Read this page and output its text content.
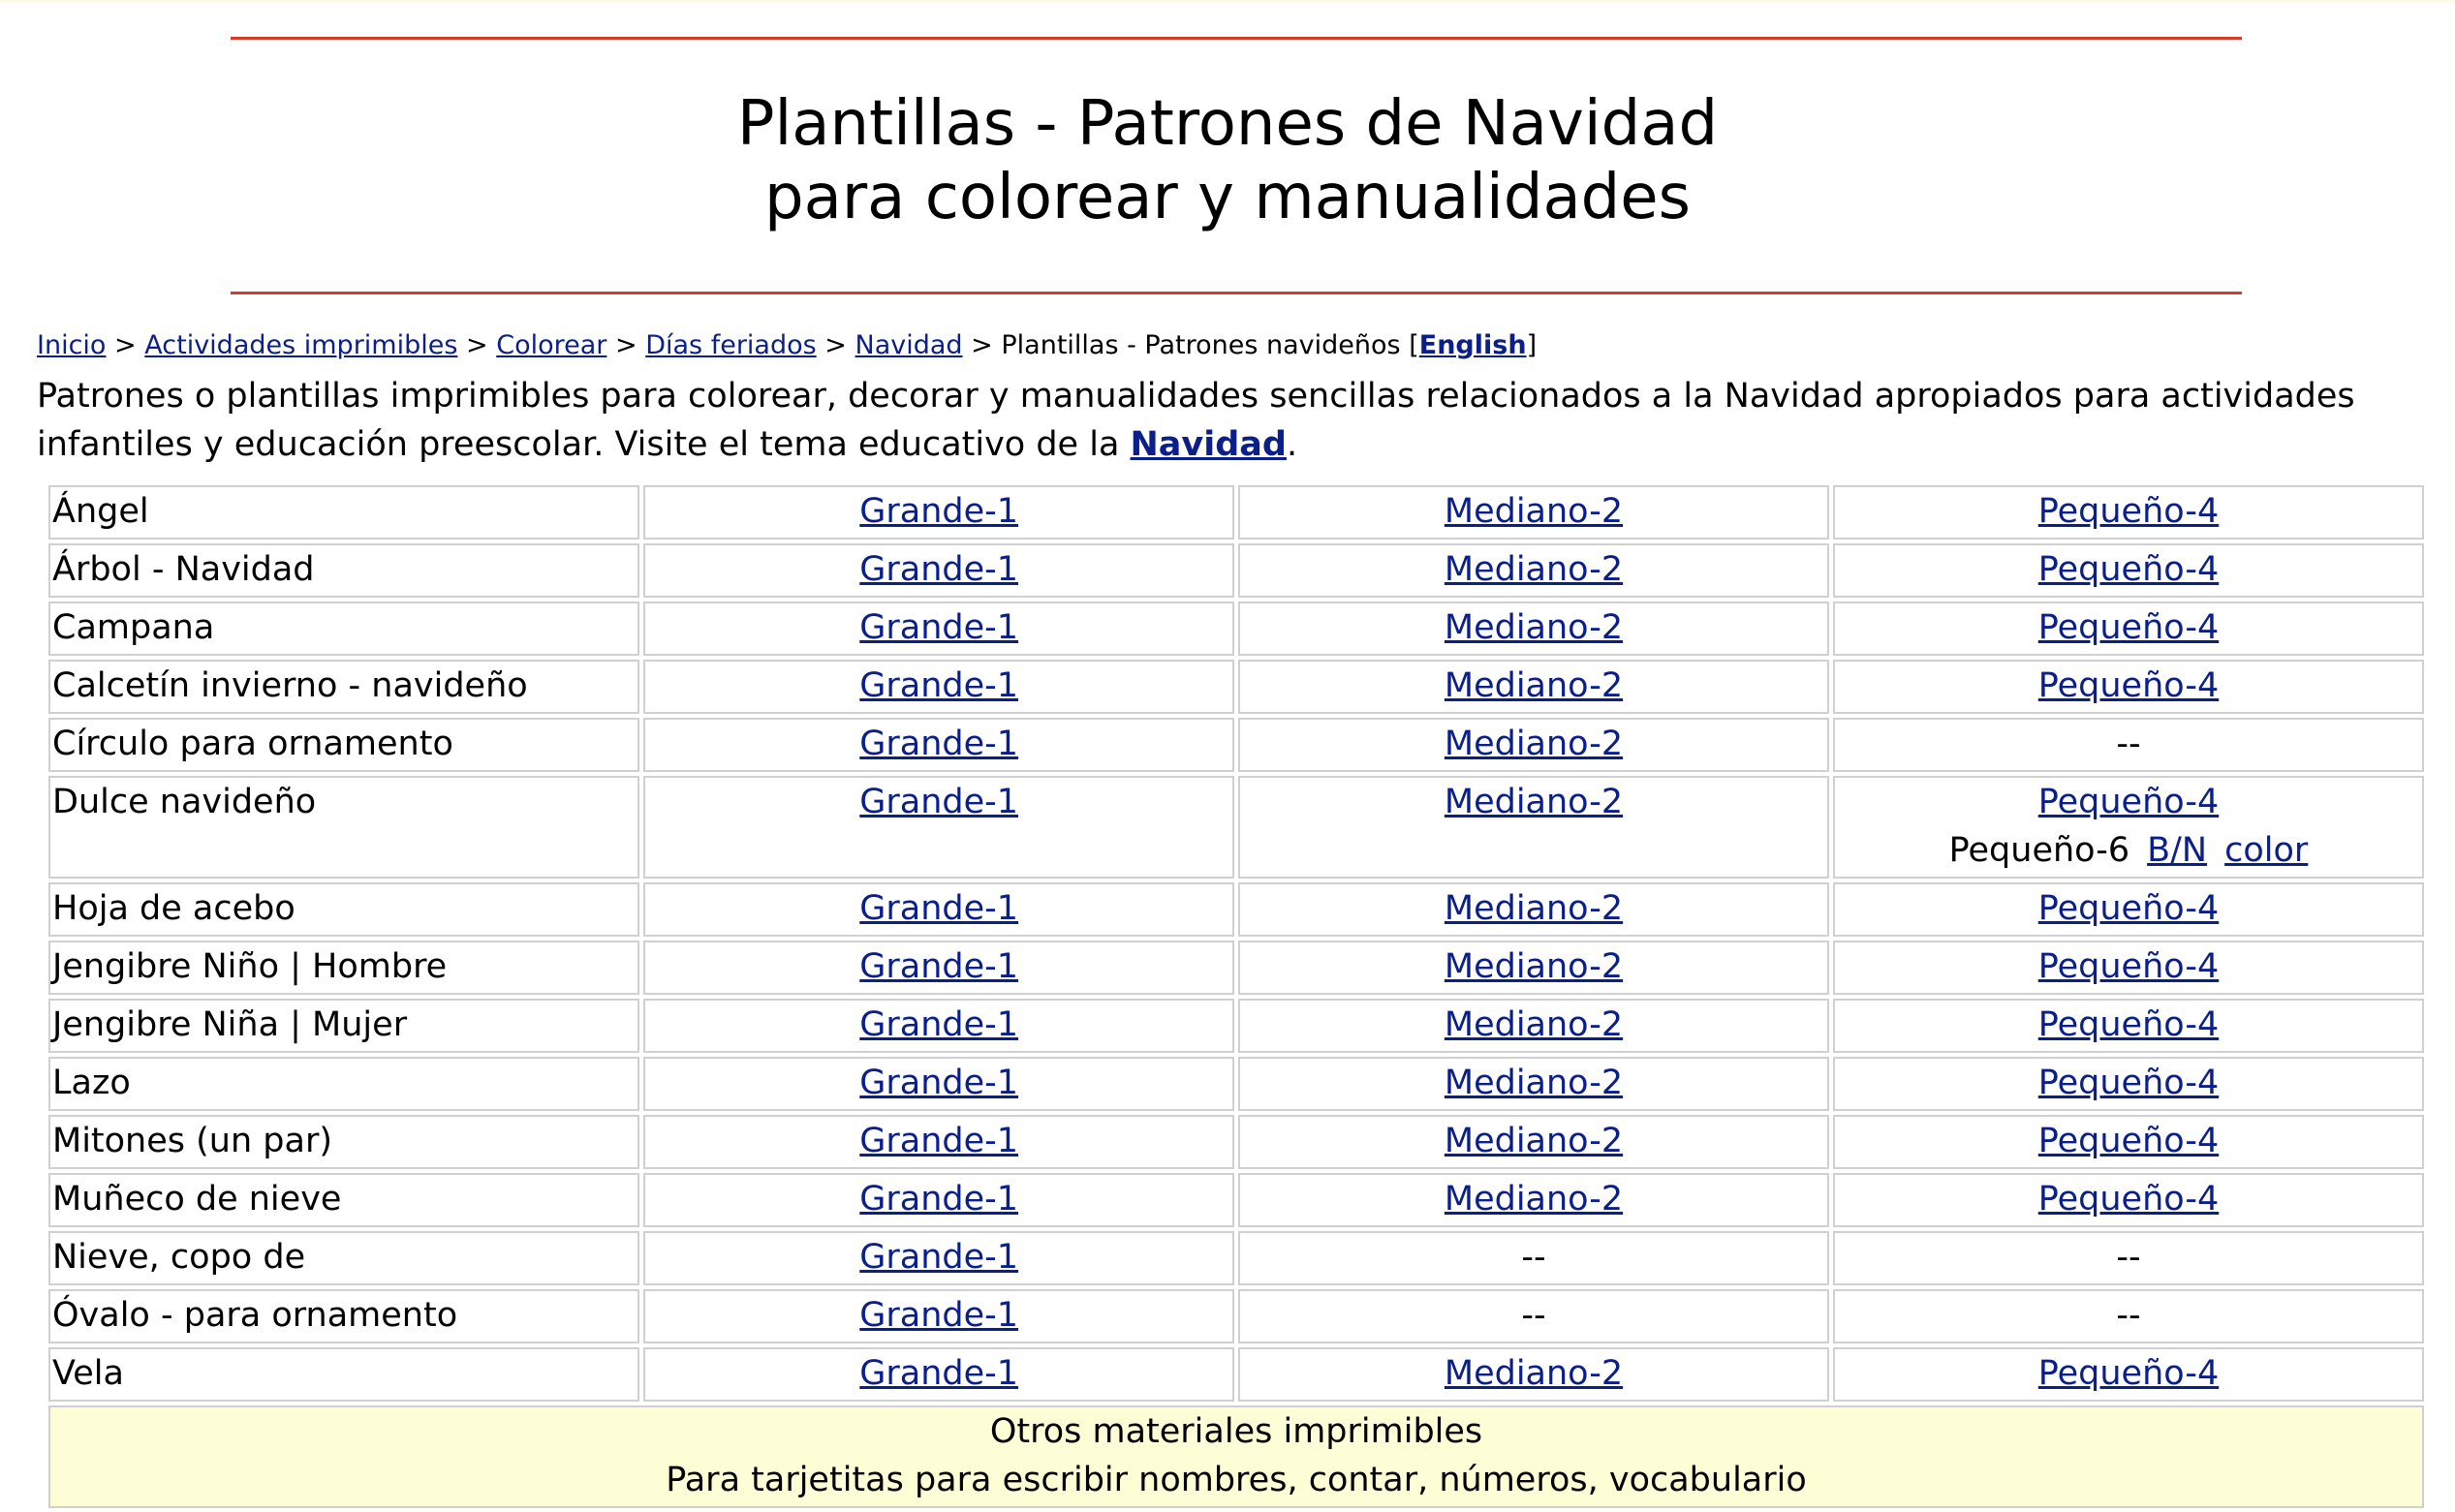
Plantillas - Patrones de Navidad
para colorear y manualidades
Inicio > Actividades imprimibles > Colorear > Días feriados > Navidad > Plantillas - Patrones navideños [English]
Patrones o plantillas imprimibles para colorear, decorar y manualidades sencillas relacionados a la Navidad apropiados para actividades infantiles y educación preescolar. Visite el tema educativo de la Navidad.
Ángel	Grande-1	Mediano-2	Pequeño-4

Árbol - Navidad	Grande-1	Mediano-2	Pequeño-4

Campana	Grande-1	Mediano-2	Pequeño-4

Calcetín invierno - navideño	Grande-1	Mediano-2	Pequeño-4

Círculo para ornamento	Grande-1	Mediano-2	--
Dulce navideño	Grande-1	Mediano-2	Pequeño-4
Pequeño-6 B/N color

Hoja de acebo	Grande-1	Mediano-2	Pequeño-4

Jengibre Niño | Hombre	Grande-1	Mediano-2	Pequeño-4

Jengibre Niña | Mujer	Grande-1	Mediano-2	Pequeño-4

Lazo	Grande-1	Mediano-2	Pequeño-4

Mitones (un par)	Grande-1	Mediano-2	Pequeño-4

Muñeco de nieve	Grande-1	Mediano-2	Pequeño-4

Nieve, copo de	Grande-1	--	--
Óvalo - para ornamento	Grande-1	--	--
Vela	Grande-1	Mediano-2	Pequeño-4

Otros materiales imprimibles
Para tarjetitas para escribir nombres, contar, números, vocabulario			
